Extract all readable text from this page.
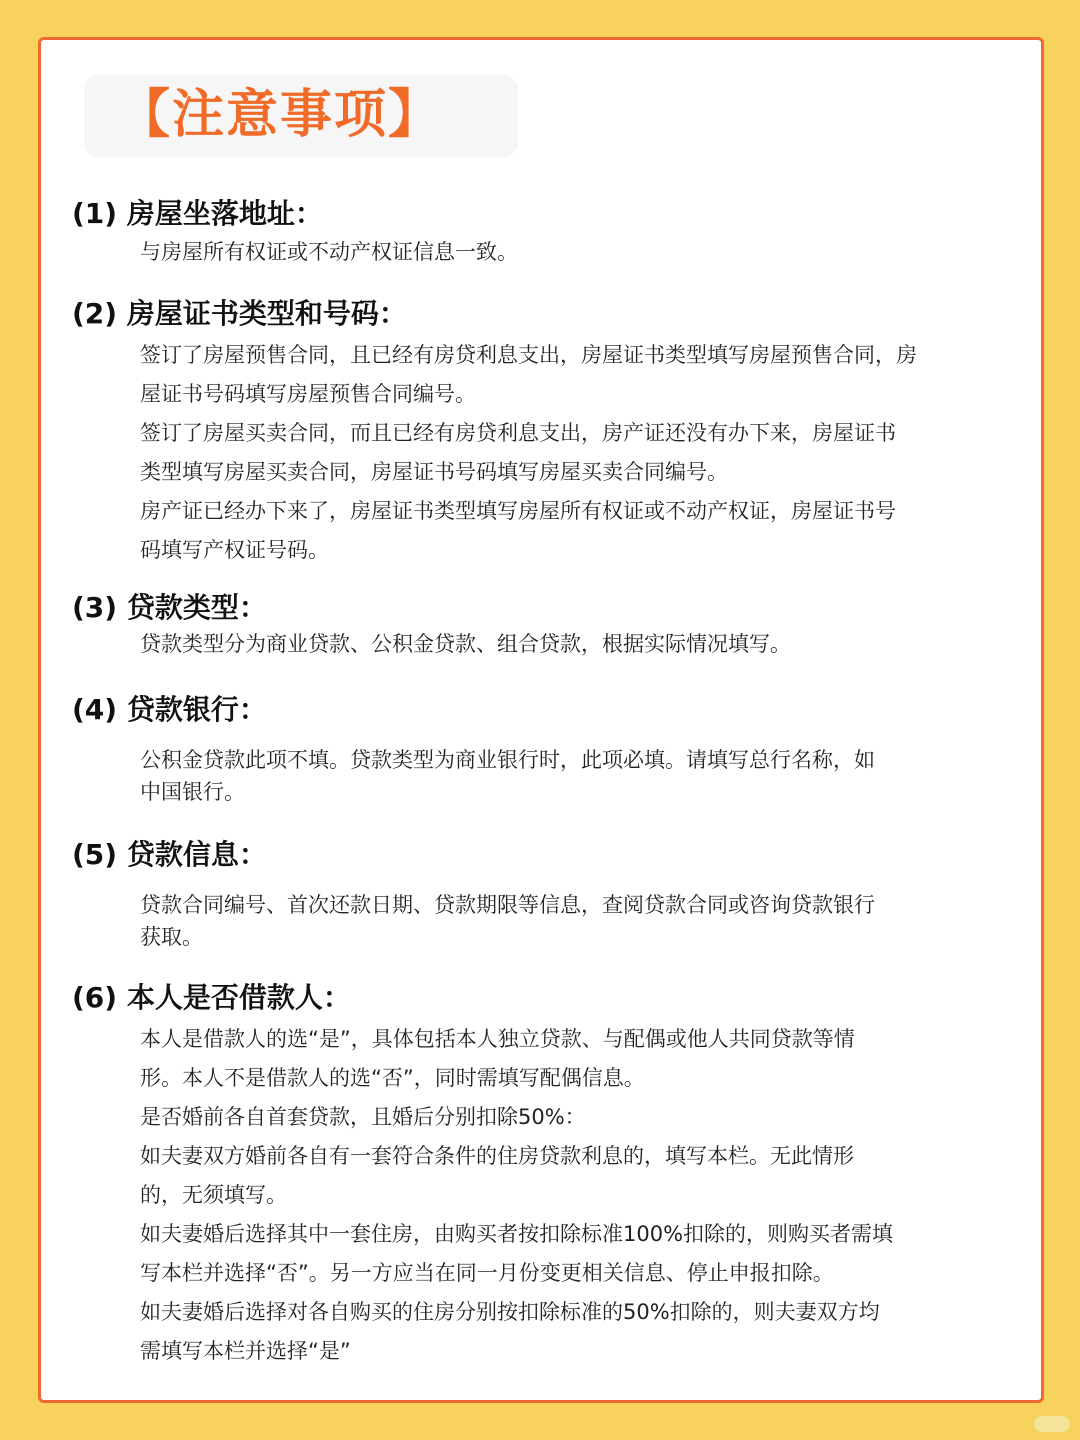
【注意事项】
(1) 房屋坐落地址：

与房屋所有权证或不动产权证信息一致。

(2) 房屋证书类型和号码：

签订了房屋预售合同，且已经有房贷利息支出，房屋证书类型填写房屋预售合同，房屋证书号码填写房屋预售合同编号。

签订了房屋买卖合同，而且已经有房贷利息支出，房产证还没有办下来，房屋证书类型填写房屋买卖合同，房屋证书号码填写房屋买卖合同编号。

房产证已经办下来了，房屋证书类型填写房屋所有权证或不动产权证，房屋证书号码填写产权证号码。

(3) 贷款类型：

贷款类型分为商业贷款、公积金贷款、组合贷款，根据实际情况填写。

(4) 贷款银行：

公积金贷款此项不填。贷款类型为商业银行时，此项必填。请填写总行名称，如中国银行。

(5) 贷款信息：

贷款合同编号、首次还款日期、贷款期限等信息，查阅贷款合同或咨询贷款银行获取。

(6) 本人是否借款人：

本人是借款人的选“是”，具体包括本人独立贷款、与配偶或他人共同贷款等情形。本人不是借款人的选“否”，同时需填写配偶信息。

是否婚前各自首套贷款，且婚后分别扣除50%：

如夫妻双方婚前各自有一套符合条件的住房贷款利息的，填写本栏。无此情形的，无须填写。

如夫妻婚后选择其中一套住房，由购买者按扣除标准100%扣除的，则购买者需填写本栏并选择“否”。另一方应当在同一月份变更相关信息、停止申报扣除。

如夫妻婚后选择对各自购买的住房分别按扣除标准的50%扣除的，则夫妻双方均需填写本栏并选择“是”
